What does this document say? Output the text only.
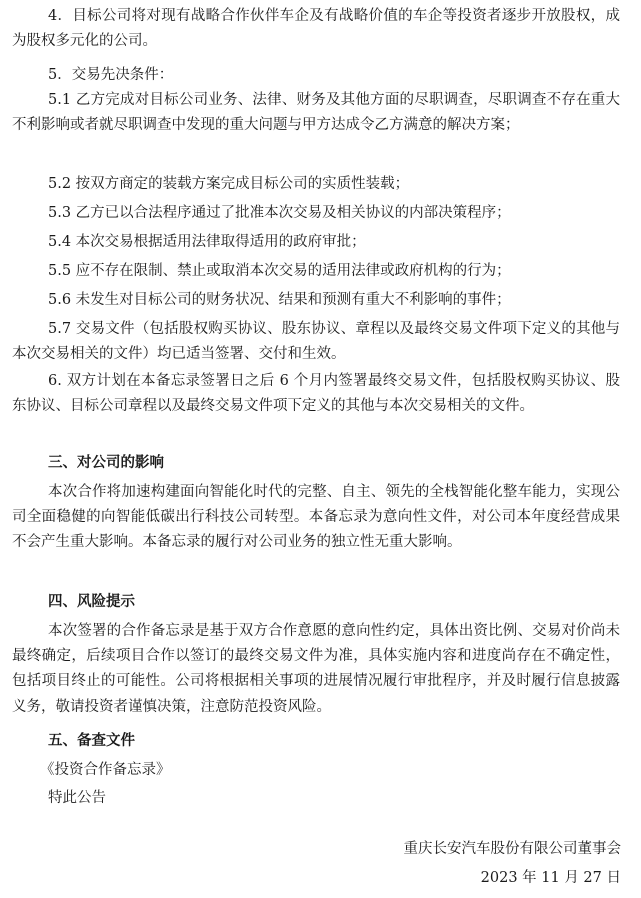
4．目标公司将对现有战略合作伙伴车企及有战略价值的车企等投资者逐步开放股权，成为股权多元化的公司。

5．交易先决条件：

5.1 乙方完成对目标公司业务、法律、财务及其他方面的尽职调查，尽职调查不存在重大不利影响或者就尽职调查中发现的重大问题与甲方达成令乙方满意的解决方案；

5.2 按双方商定的装载方案完成目标公司的实质性装载；

5.3 乙方已以合法程序通过了批准本次交易及相关协议的内部决策程序；

5.4 本次交易根据适用法律取得适用的政府审批；

5.5 应不存在限制、禁止或取消本次交易的适用法律或政府机构的行为；

5.6 未发生对目标公司的财务状况、结果和预测有重大不利影响的事件；

5.7 交易文件（包括股权购买协议、股东协议、章程以及最终交易文件项下定义的其他与本次交易相关的文件）均已适当签署、交付和生效。

6. 双方计划在本备忘录签署日之后 6 个月内签署最终交易文件，包括股权购买协议、股东协议、目标公司章程以及最终交易文件项下定义的其他与本次交易相关的文件。

三、对公司的影响

本次合作将加速构建面向智能化时代的完整、自主、领先的全栈智能化整车能力，实现公司全面稳健的向智能低碳出行科技公司转型。本备忘录为意向性文件，对公司本年度经营成果不会产生重大影响。本备忘录的履行对公司业务的独立性无重大影响。

四、风险提示

本次签署的合作备忘录是基于双方合作意愿的意向性约定，具体出资比例、交易对价尚未最终确定，后续项目合作以签订的最终交易文件为准，具体实施内容和进度尚存在不确定性，包括项目终止的可能性。公司将根据相关事项的进展情况履行审批程序，并及时履行信息披露义务，敬请投资者谨慎决策，注意防范投资风险。

五、备查文件

《投资合作备忘录》

特此公告

重庆长安汽车股份有限公司董事会

2023 年 11 月 27 日
